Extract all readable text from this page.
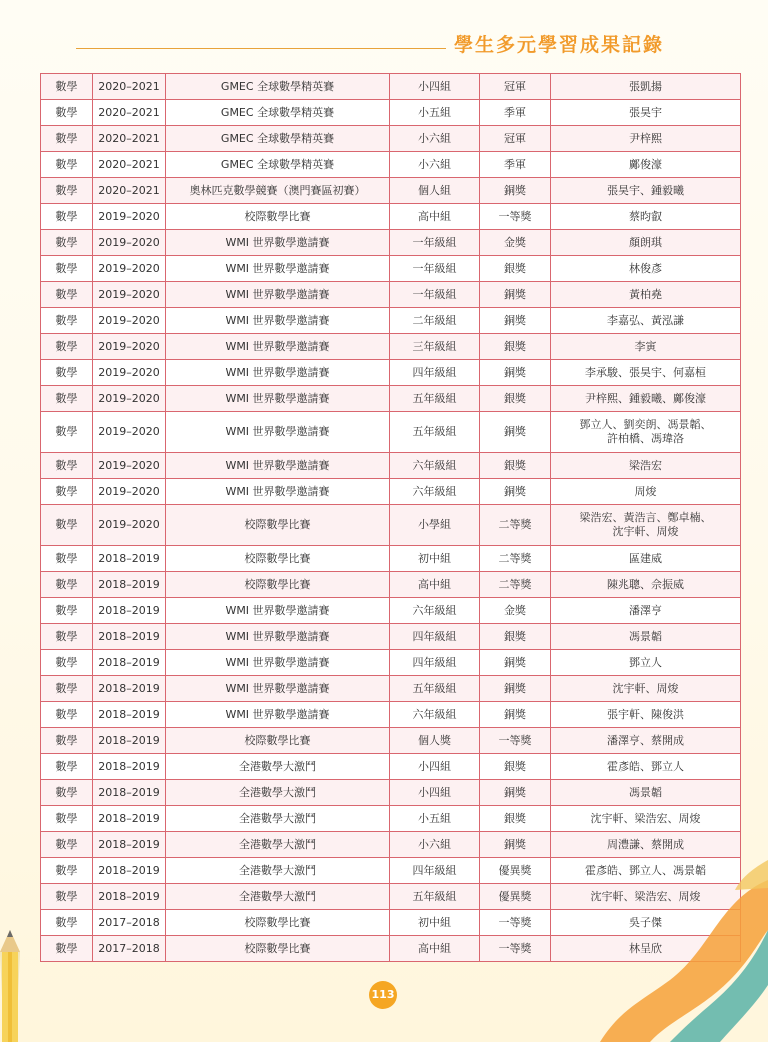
學生多元學習成果記錄
數學	2020–2021	GMEC 全球數學精英賽	小四組	冠軍	張凱揚
數學	2020–2021	GMEC 全球數學精英賽	小五組	季軍	張昊宇
數學	2020–2021	GMEC 全球數學精英賽	小六組	冠軍	尹梓熙
數學	2020–2021	GMEC 全球數學精英賽	小六組	季軍	鄺俊濠
數學	2020–2021	奧林匹克數學競賽（澳門賽區初賽）	個人組	銅獎	張昊宇、鍾毅曦
數學	2019–2020	校際數學比賽	高中組	一等獎	蔡昀叡
數學	2019–2020	WMI 世界數學邀請賽	一年級組	金獎	顏朗琪
數學	2019–2020	WMI 世界數學邀請賽	一年級組	銀獎	林俊彥
數學	2019–2020	WMI 世界數學邀請賽	一年級組	銅獎	黃柏堯
數學	2019–2020	WMI 世界數學邀請賽	二年級組	銅獎	李嘉弘、黃泓謙
數學	2019–2020	WMI 世界數學邀請賽	三年級組	銀獎	李寅
數學	2019–2020	WMI 世界數學邀請賽	四年級組	銅獎	李承駿、張昊宇、何嘉桓
數學	2019–2020	WMI 世界數學邀請賽	五年級組	銀獎	尹梓熙、鍾毅曦、鄺俊濠
數學	2019–2020	WMI 世界數學邀請賽	五年級組	銅獎	鄧立人、劉奕朗、馮景韜、
許柏橋、馮瑋洛
數學	2019–2020	WMI 世界數學邀請賽	六年級組	銀獎	梁浩宏
數學	2019–2020	WMI 世界數學邀請賽	六年級組	銅獎	周焌
數學	2019–2020	校際數學比賽	小學組	二等獎	梁浩宏、黃浩言、鄭卓楠、
沈宇軒、周焌
數學	2018–2019	校際數學比賽	初中組	二等獎	區建威
數學	2018–2019	校際數學比賽	高中組	二等獎	陳兆聰、佘振威
數學	2018–2019	WMI 世界數學邀請賽	六年級組	金獎	潘澤亨
數學	2018–2019	WMI 世界數學邀請賽	四年級組	銀獎	馮景韜
數學	2018–2019	WMI 世界數學邀請賽	四年級組	銅獎	鄧立人
數學	2018–2019	WMI 世界數學邀請賽	五年級組	銅獎	沈宇軒、周焌
數學	2018–2019	WMI 世界數學邀請賽	六年級組	銅獎	張宇軒、陳俊洪
數學	2018–2019	校際數學比賽	個人獎	一等獎	潘澤亨、蔡開成
數學	2018–2019	全港數學大激鬥	小四組	銀獎	霍彥皓、鄧立人
數學	2018–2019	全港數學大激鬥	小四組	銅獎	馮景韜
數學	2018–2019	全港數學大激鬥	小五組	銀獎	沈宇軒、梁浩宏、周焌
數學	2018–2019	全港數學大激鬥	小六組	銅獎	周澧謙、蔡開成
數學	2018–2019	全港數學大激鬥	四年級組	優異獎	霍彥皓、鄧立人、馮景韜
數學	2018–2019	全港數學大激鬥	五年級組	優異獎	沈宇軒、梁浩宏、周焌
數學	2017–2018	校際數學比賽	初中組	一等獎	吳子傑
數學	2017–2018	校際數學比賽	高中組	一等獎	林呈欣
113
